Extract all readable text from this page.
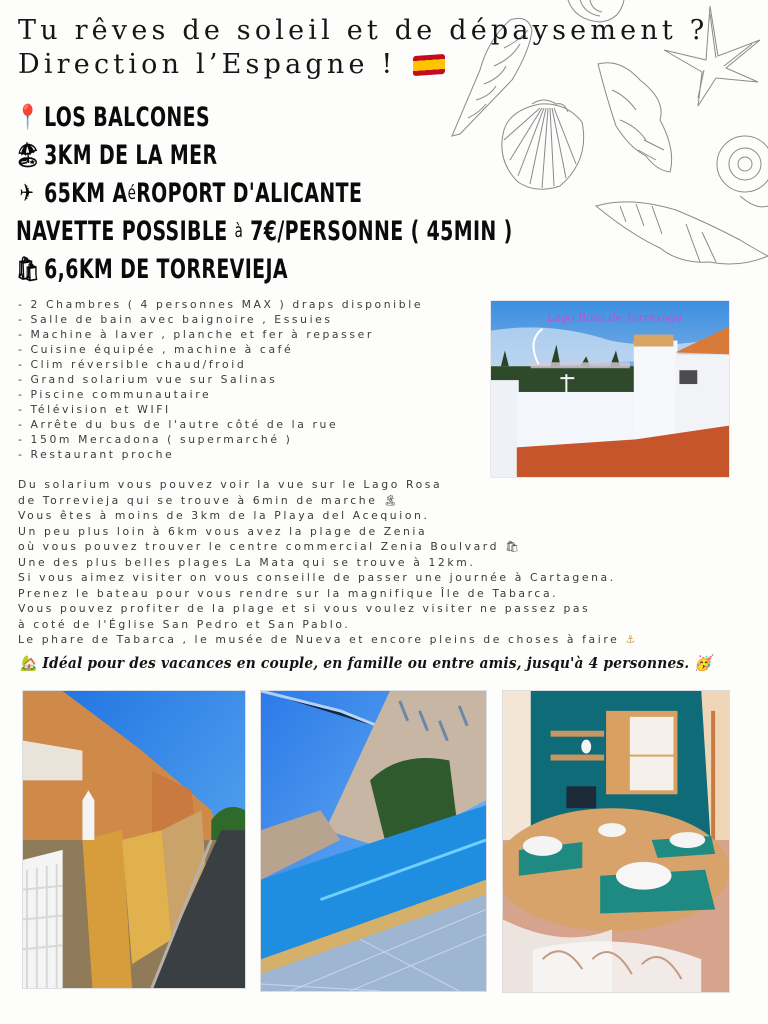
Tu rêves de soleil et de dépaysement ?
Direction l’Espagne !
📍 LOS BALCONES
🏖 3KM DE LA MER
✈ 65KM A é ROPORT D'ALICANTE
NAVETTE POSSIBLE à 7€/PERSONNE ( 45MIN )
🛍 6,6KM DE TORREVIEJA
- 2 Chambres ( 4 personnes MAX ) draps disponible
- Salle de bain avec baignoire , Essuies
- Machine à laver , planche et fer à repasser
- Cuisine équipée , machine à café
- Clim réversible chaud/froid
- Grand solarium vue sur Salinas
- Piscine communautaire
- Télévision et WIFI
- Arrête du bus de l'autre côté de la rue
- 150m Mercadona ( supermarché )
- Restaurant proche
Lago Rosa de Torrevieja
Du solarium vous pouvez voir la vue sur le Lago Rosa
de Torrevieja qui se trouve à 6min de marche 🏝
Vous êtes à moins de 3km de la Playa del Acequion.
Un peu plus loin à 6km vous avez la plage de Zenia
où vous pouvez trouver le centre commercial Zenia Boulvard 🛍
Une des plus belles plages La Mata qui se trouve à 12km.
Si vous aimez visiter on vous conseille de passer une journée à Cartagena.
Prenez le bateau pour vous rendre sur la magnifique Île de Tabarca.
Vous pouvez profiter de la plage et si vous voulez visiter ne passez pas
à coté de l'Église San Pedro et San Pablo.
Le phare de Tabarca , le musée de Nueva et encore pleins de choses à faire ⚓
🏡 Idéal pour des vacances en couple, en famille ou entre amis, jusqu'à 4 personnes. 🥳
